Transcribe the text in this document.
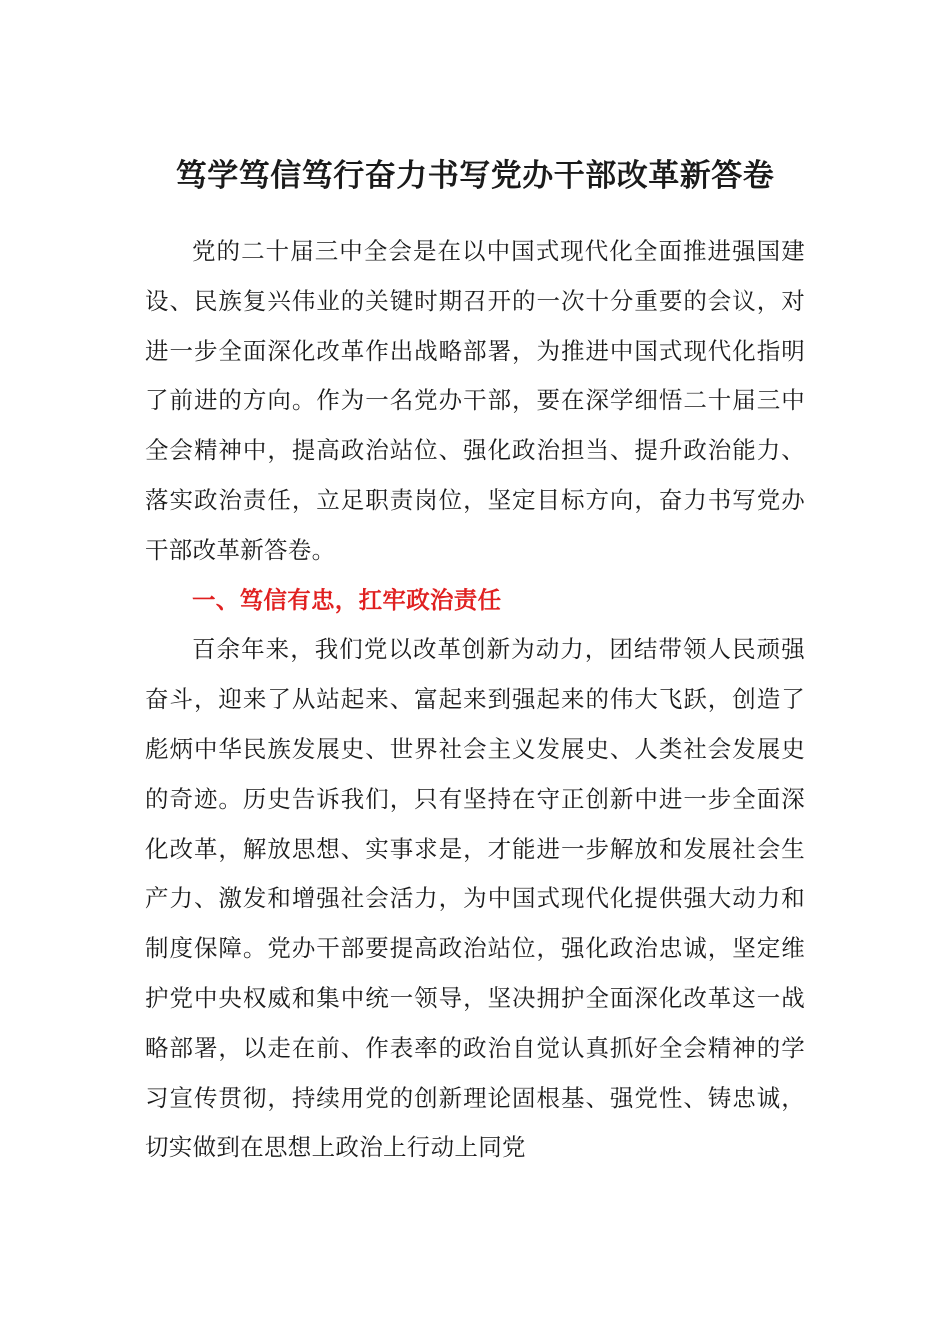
笃学笃信笃行奋力书写党办干部改革新答卷

党的二十届三中全会是在以中国式现代化全面推进强国建设、民族复兴伟业的关键时期召开的一次十分重要的会议，对进一步全面深化改革作出战略部署，为推进中国式现代化指明了前进的方向。作为一名党办干部，要在深学细悟二十届三中全会精神中，提高政治站位、强化政治担当、提升政治能力、落实政治责任，立足职责岗位，坚定目标方向，奋力书写党办干部改革新答卷。

一、笃信有忠，扛牢政治责任

百余年来，我们党以改革创新为动力，团结带领人民顽强奋斗，迎来了从站起来、富起来到强起来的伟大飞跃，创造了彪炳中华民族发展史、世界社会主义发展史、人类社会发展史的奇迹。历史告诉我们，只有坚持在守正创新中进一步全面深化改革，解放思想、实事求是，才能进一步解放和发展社会生产力、激发和增强社会活力，为中国式现代化提供强大动力和制度保障。党办干部要提高政治站位，强化政治忠诚，坚定维护党中央权威和集中统一领导，坚决拥护全面深化改革这一战略部署，以走在前、作表率的政治自觉认真抓好全会精神的学习宣传贯彻，持续用党的创新理论固根基、强党性、铸忠诚，切实做到在思想上政治上行动上同党
